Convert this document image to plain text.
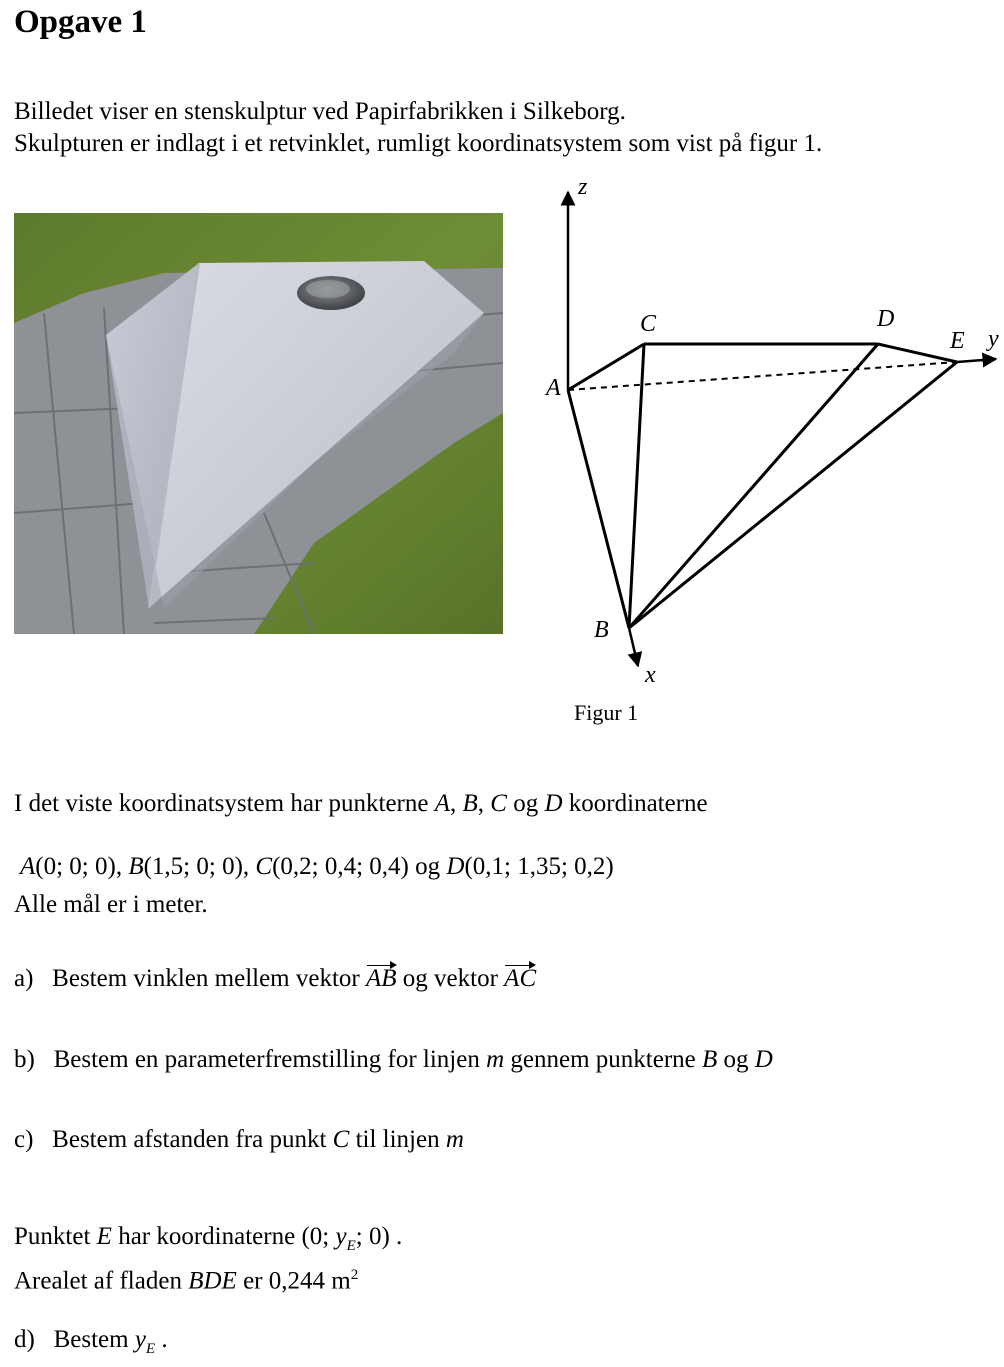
Opgave 1
Billedet viser en stenskulptur ved Papirfabrikken i Silkeborg.
Skulpturen er indlagt i et retvinklet, rumligt koordinatsystem som vist på figur 1.
z
y
x
A
B
C	D
E
Figur 1
I det viste koordinatsystem har punkterne A, B, C og D koordinaterne
A(0; 0; 0), B(1,5; 0; 0), C(0,2; 0,4; 0,4) og D(0,1; 1,35; 0,2)
Alle mål er i meter.
a) Bestem vinklen mellem vektor AB og vektor AC
b) Bestem en parameterfremstilling for linjen m gennem punkterne B og D
c) Bestem afstanden fra punkt C til linjen m
Punktet E har koordinaterne (0; $y_E$; 0) .
Arealet af fladen BDE er 0,244 $m^2$
d) Bestem $y_E$ .
